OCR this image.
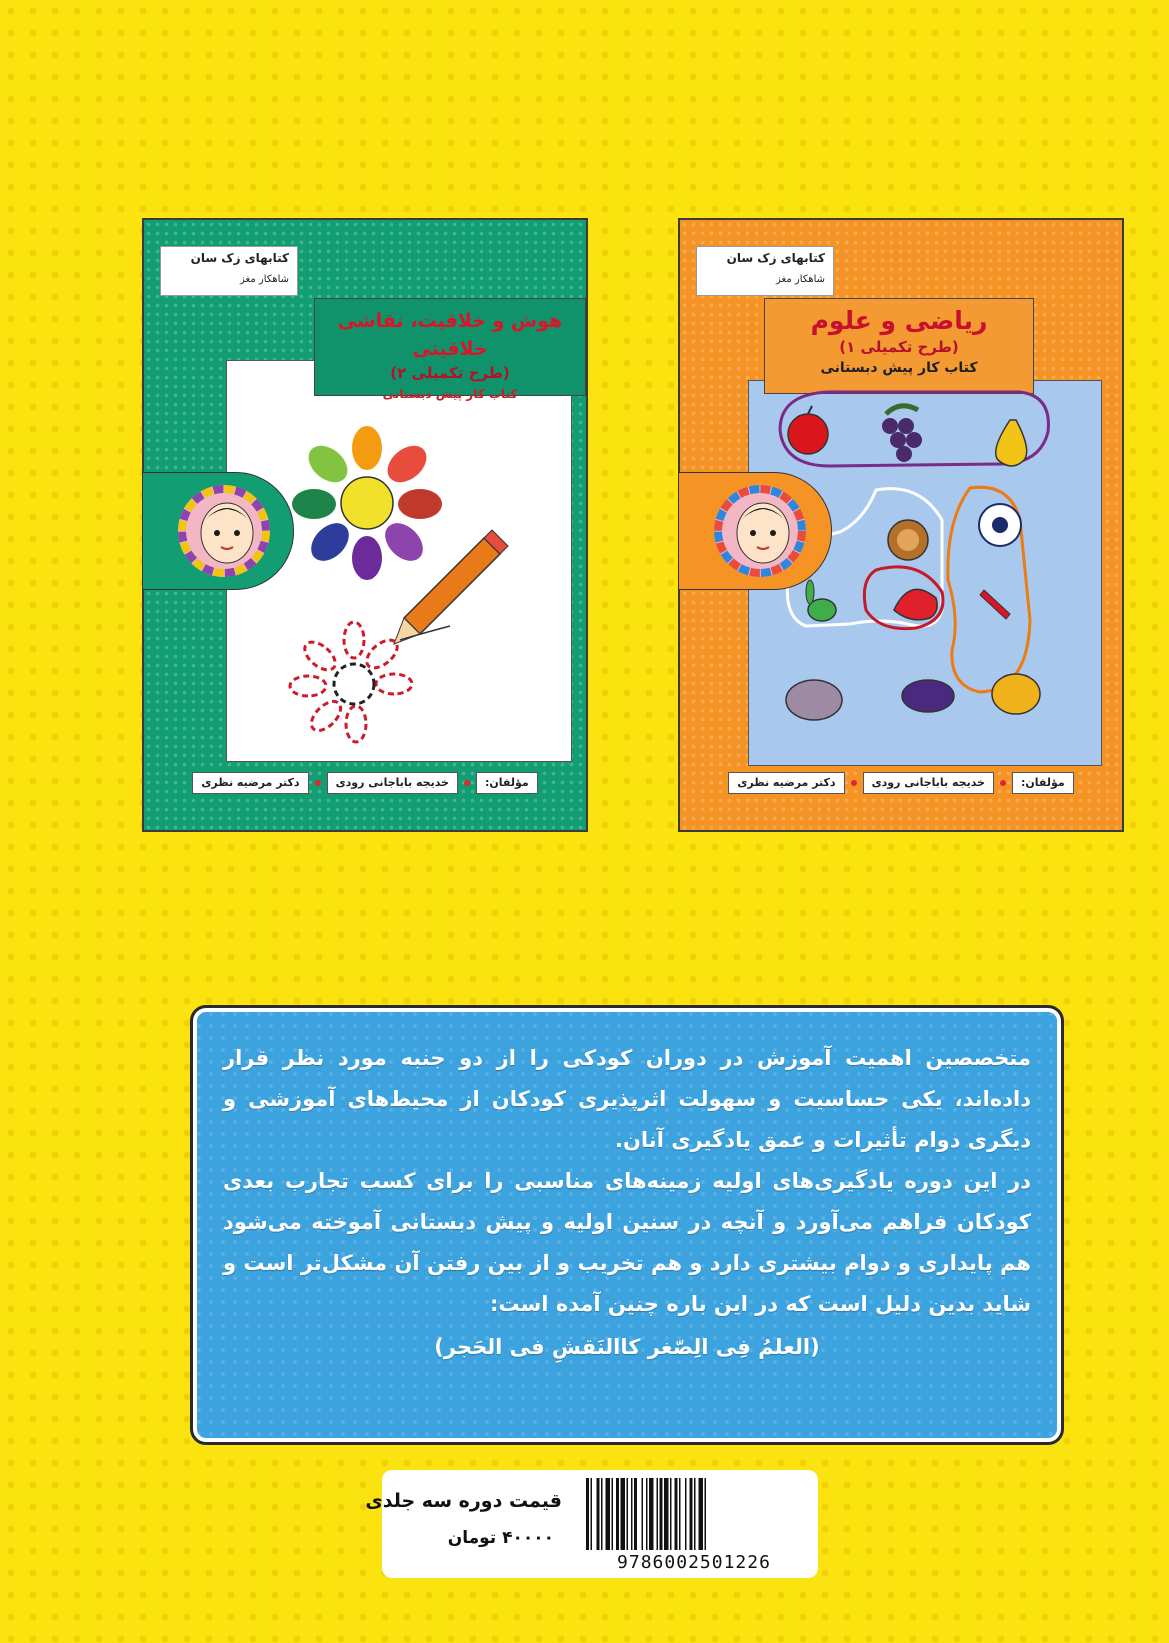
کتابهای زک سان
شاهکار مغز
ریاضی و علوم
(طرح تکمیلی ۱)
کتاب کار پیش دبستانی
مؤلفان:
خدیجه باباجانی رودی
دکتر مرضیه نظری
کتابهای زک سان
شاهکار مغز
هوش و خلاقیت، نقاشی خلاقیتی
(طرح تکمیلی ۲)
کتاب کار پیش دبستانی
مؤلفان:
خدیجه باباجانی رودی
دکتر مرضیه نظری

متخصصین اهمیت آموزش در دوران کودکی را از دو جنبه مورد نظر قرار داده‌اند، یکی حساسیت و سهولت اثرپذیری کودکان از محیط‌های آموزشی و دیگری دوام تأثیرات و عمق یادگیری آنان.

در این دوره یادگیری‌های اولیه زمینه‌های مناسبی را برای کسب تجارب بعدی کودکان فراهم می‌آورد و آنچه در سنین اولیه و پیش دبستانی آموخته می‌شود هم پایداری و دوام بیشتری دارد و هم تخریب و از بین رفتن آن مشکل‌تر است و شاید بدین دلیل است که در این باره چنین آمده است:

(العلمُ فِی الِصّغر کاالنَقشِ فی الحَجر)

قیمت دوره سه جلدی
۴۰۰۰۰ تومان
9786002501226
